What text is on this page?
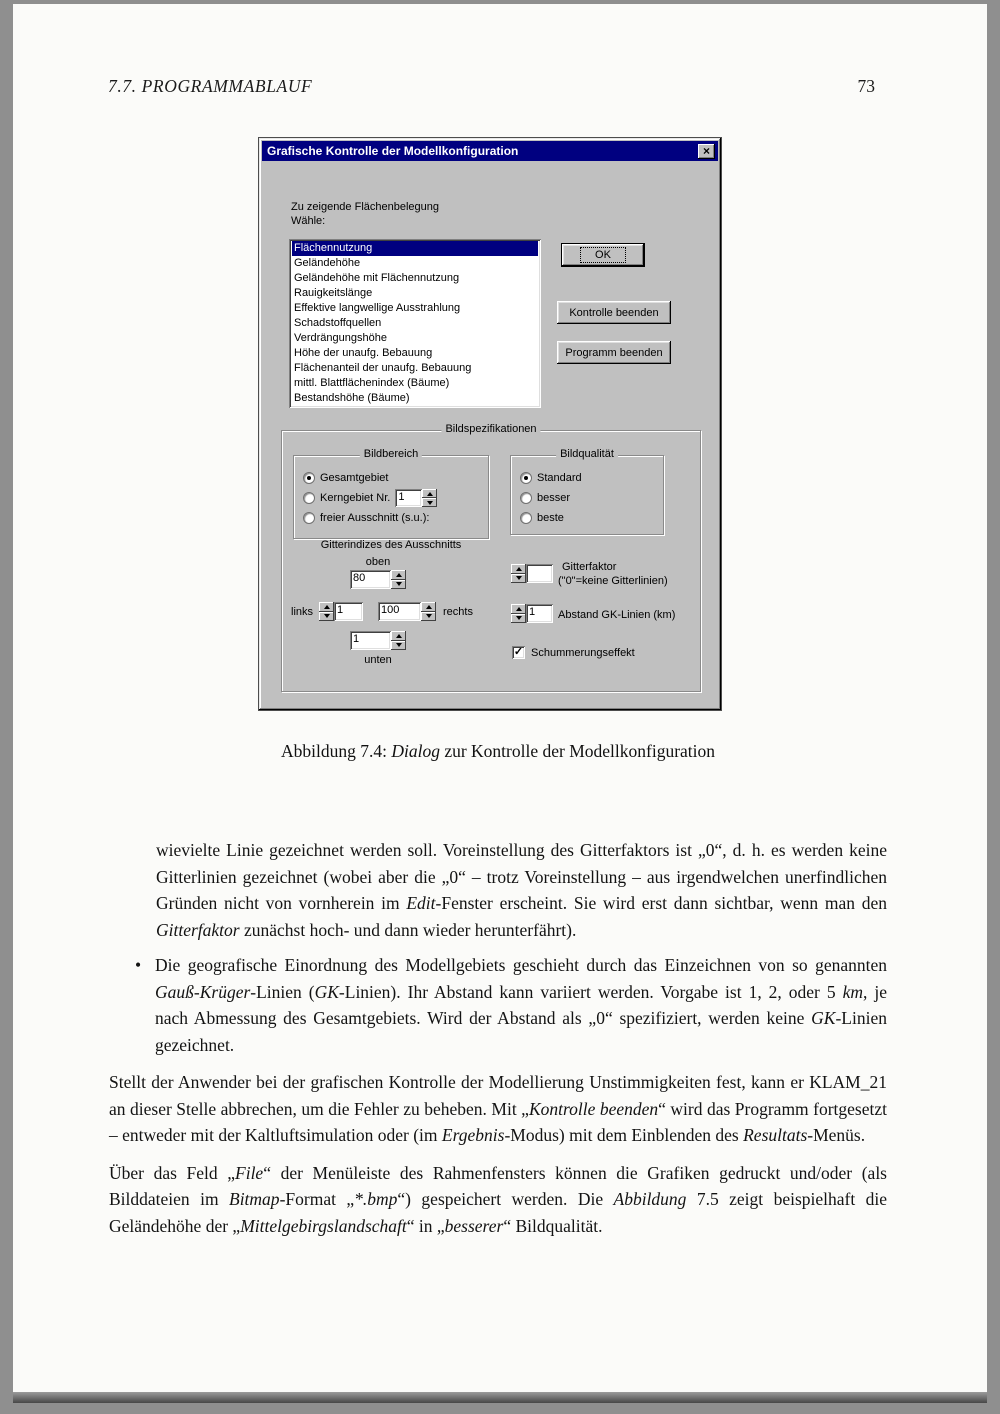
7.7. PROGRAMMABLAUF	73
Grafische Kontrolle der Modellkonfiguration	×
Zu zeigende Flächenbelegung
Wähle:
Flächennutzung
Geländehöhe
Geländehöhe mit Flächennutzung
Rauigkeitslänge
Effektive langwellige Ausstrahlung
Schadstoffquellen
Verdrängungshöhe
Höhe der unaufg. Bebauung
Flächenanteil der unaufg. Bebauung
mittl. Blattflächenindex (Bäume)
Bestandshöhe (Bäume)
OK
Kontrolle beenden
Programm beenden
Bildspezifikationen
Bildbereich
Gesamtgebiet
Kerngebiet Nr. 1
freier Ausschnitt (s.u.):
Bildqualität
Standard
besser
beste
Gitterindizes des Ausschnitts
oben
80
links 1	100	rechts
1
unten
Gitterfaktor
("0"=keine Gitterlinien)
1	Abstand GK-Linien (km)
✓ Schummerungseffekt
Abbildung 7.4: Dialog zur Kontrolle der Modellkonfiguration

wievielte Linie gezeichnet werden soll. Voreinstellung des Gitterfaktors ist „0“, d. h. es werden keine Gitterlinien gezeichnet (wobei aber die „0“ – trotz Voreinstellung – aus irgendwelchen unerfindlichen Gründen nicht von vornherein im Edit-Fenster erscheint. Sie wird erst dann sichtbar, wenn man den Gitterfaktor zunächst hoch- und dann wieder herunterfährt).

• Die geografische Einordnung des Modellgebiets geschieht durch das Einzeichnen von so genannten Gauß-Krüger-Linien (GK-Linien). Ihr Abstand kann variiert werden. Vorgabe ist 1, 2, oder 5 km, je nach Abmessung des Gesamtgebiets. Wird der Abstand als „0“ spezifiziert, werden keine GK-Linien gezeichnet.

Stellt der Anwender bei der grafischen Kontrolle der Modellierung Unstimmigkeiten fest, kann er KLAM_21 an dieser Stelle abbrechen, um die Fehler zu beheben. Mit „Kontrolle beenden“ wird das Programm fortgesetzt – entweder mit der Kaltluftsimulation oder (im Ergebnis-Modus) mit dem Einblenden des Resultats-Menüs.

Über das Feld „File“ der Menüleiste des Rahmenfensters können die Grafiken gedruckt und/oder (als Bilddateien im Bitmap-Format „*.bmp“) gespeichert werden. Die Abbildung 7.5 zeigt beispielhaft die Geländehöhe der „Mittelgebirgslandschaft“ in „besserer“ Bildqualität.
